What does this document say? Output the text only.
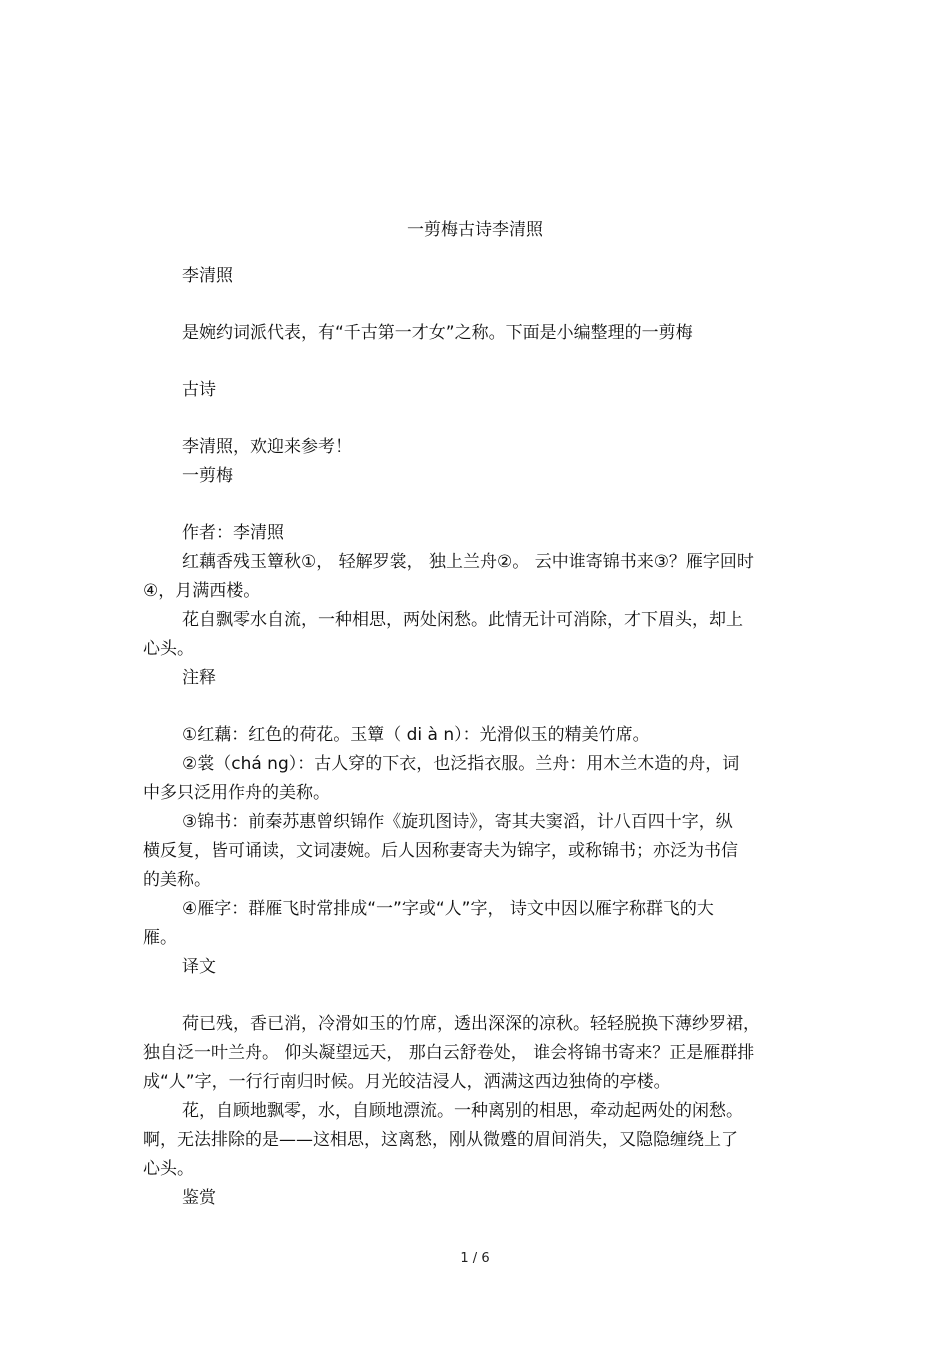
一剪梅古诗李清照
李清照
是婉约词派代表，有“千古第一才女”之称。下面是小编整理的一剪梅
古诗
李清照，欢迎来参考！
一剪梅
作者：李清照
红藕香残玉簟秋①， 轻解罗裳， 独上兰舟②。 云中谁寄锦书来③？雁字回时
④，月满西楼。
花自飘零水自流，一种相思，两处闲愁。此情无计可消除，才下眉头，却上
心头。
注释
①红藕：红色的荷花。玉簟（ di à n）：光滑似玉的精美竹席。
②裳（chá ng）：古人穿的下衣，也泛指衣服。兰舟：用木兰木造的舟，词
中多只泛用作舟的美称。
③锦书：前秦苏惠曾织锦作《旋玑图诗》，寄其夫窦滔，计八百四十字，纵
横反复，皆可诵读，文词凄婉。后人因称妻寄夫为锦字，或称锦书；亦泛为书信
的美称。
④雁字：群雁飞时常排成“一”字或“人”字， 诗文中因以雁字称群飞的大
雁。
译文
荷已残，香已消，冷滑如玉的竹席，透出深深的凉秋。轻轻脱换下薄纱罗裙，
独自泛一叶兰舟。 仰头凝望远天， 那白云舒卷处， 谁会将锦书寄来？正是雁群排
成“人”字，一行行南归时候。月光皎洁浸人，洒满这西边独倚的亭楼。
花，自顾地飘零，水，自顾地漂流。一种离别的相思，牵动起两处的闲愁。
啊，无法排除的是——这相思，这离愁，刚从微蹙的眉间消失，又隐隐缠绕上了
心头。
鉴赏
1 / 6
